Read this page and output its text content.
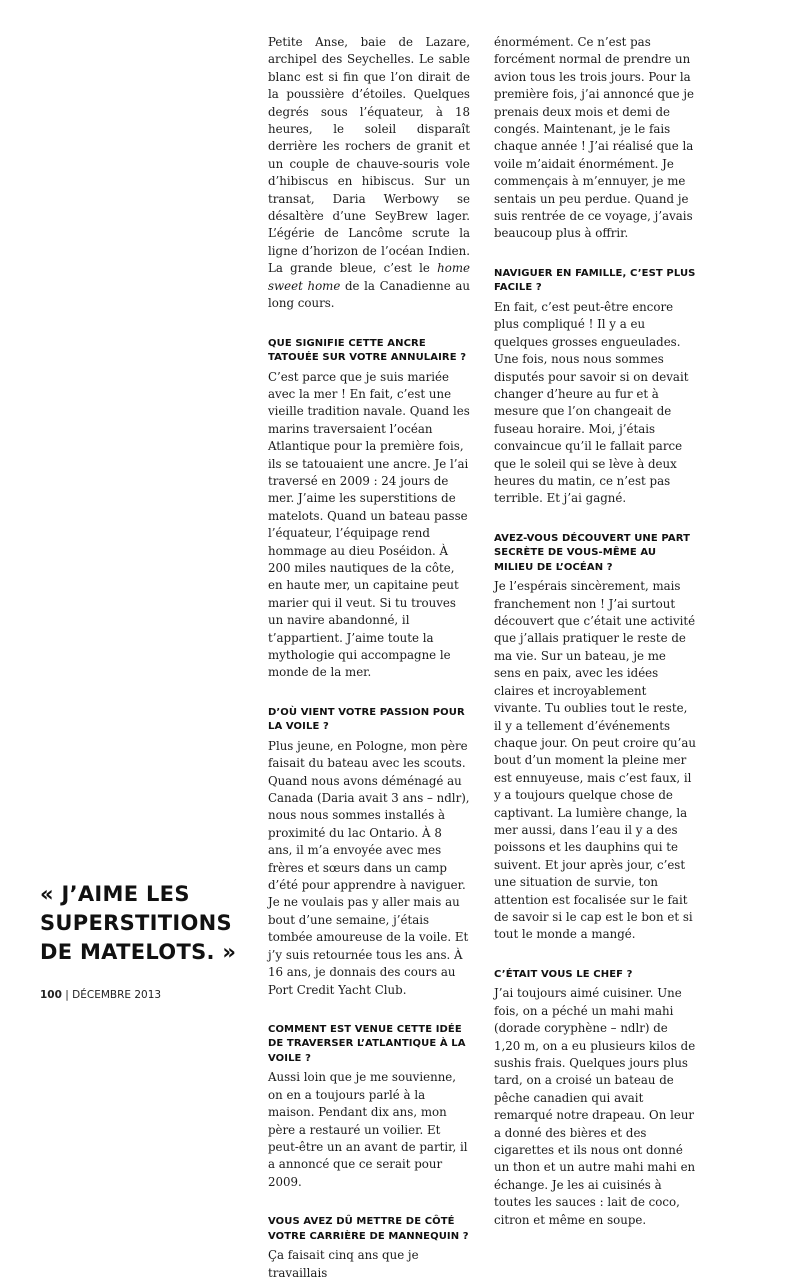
Petite Anse, baie de Lazare, archipel des Seychelles. Le sable blanc est si fin que l’on dirait de la poussière d’étoiles. Quelques degrés sous l’équateur, à 18 heures, le soleil disparaît derrière les rochers de granit et un couple de chauve-souris vole d’hibiscus en hibiscus. Sur un transat, Daria Werbowy se désaltère d’une SeyBrew lager. L’égérie de Lancôme scrute la ligne d’horizon de l’océan Indien. La grande bleue, c’est le home sweet home de la Canadienne au long cours.

QUE SIGNIFIE CETTE ANCRE TATOUÉE SUR VOTRE ANNULAIRE ?

C’est parce que je suis mariée avec la mer ! En fait, c’est une vieille tradition navale. Quand les marins traversaient l’océan Atlantique pour la première fois, ils se tatouaient une ancre. Je l’ai traversé en 2009 : 24 jours de mer. J’aime les superstitions de matelots. Quand un bateau passe l’équateur, l’équipage rend hommage au dieu Poséidon. À 200 miles nautiques de la côte, en haute mer, un capitaine peut marier qui il veut. Si tu trouves un navire abandonné, il t’appartient. J’aime toute la mythologie qui accompagne le monde de la mer.

D’OÙ VIENT VOTRE PASSION POUR LA VOILE ?

Plus jeune, en Pologne, mon père faisait du bateau avec les scouts. Quand nous avons déménagé au Canada (Daria avait 3 ans – ndlr), nous nous sommes installés à proximité du lac Ontario. À 8 ans, il m’a envoyée avec mes frères et sœurs dans un camp d’été pour apprendre à naviguer. Je ne voulais pas y aller mais au bout d’une semaine, j’étais tombée amoureuse de la voile. Et j’y suis retournée tous les ans. À 16 ans, je donnais des cours au Port Credit Yacht Club.

COMMENT EST VENUE CETTE IDÉE DE TRAVERSER L’ATLANTIQUE À LA VOILE ?

Aussi loin que je me souvienne, on en a toujours parlé à la maison. Pendant dix ans, mon père a restauré un voilier. Et peut-être un an avant de partir, il a annoncé que ce serait pour 2009.

VOUS AVEZ DÛ METTRE DE CÔTÉ VOTRE CARRIÈRE DE MANNEQUIN ?

Ça faisait cinq ans que je travaillais

énormément. Ce n’est pas forcément normal de prendre un avion tous les trois jours. Pour la première fois, j’ai annoncé que je prenais deux mois et demi de congés. Maintenant, je le fais chaque année ! J’ai réalisé que la voile m’aidait énormément. Je commençais à m’ennuyer, je me sentais un peu perdue. Quand je suis rentrée de ce voyage, j’avais beaucoup plus à offrir.

NAVIGUER EN FAMILLE, C’EST PLUS FACILE ?

En fait, c’est peut-être encore plus compliqué ! Il y a eu quelques grosses engueulades. Une fois, nous nous sommes disputés pour savoir si on devait changer d’heure au fur et à mesure que l’on changeait de fuseau horaire. Moi, j’étais convaincue qu’il le fallait parce que le soleil qui se lève à deux heures du matin, ce n’est pas terrible. Et j’ai gagné.

AVEZ-VOUS DÉCOUVERT UNE PART SECRÈTE DE VOUS-MÊME AU MILIEU DE L’OCÉAN ?

Je l’espérais sincèrement, mais franchement non ! J’ai surtout découvert que c’était une activité que j’allais pratiquer le reste de ma vie. Sur un bateau, je me sens en paix, avec les idées claires et incroyablement vivante. Tu oublies tout le reste, il y a tellement d’événements chaque jour. On peut croire qu’au bout d’un moment la pleine mer est ennuyeuse, mais c’est faux, il y a toujours quelque chose de captivant. La lumière change, la mer aussi, dans l’eau il y a des poissons et les dauphins qui te suivent. Et jour après jour, c’est une situation de survie, ton attention est focalisée sur le fait de savoir si le cap est le bon et si tout le monde a mangé.

C’ÉTAIT VOUS LE CHEF ?

J’ai toujours aimé cuisiner. Une fois, on a péché un mahi mahi (dorade coryphène – ndlr) de 1,20 m, on a eu plusieurs kilos de sushis frais. Quelques jours plus tard, on a croisé un bateau de pêche canadien qui avait remarqué notre drapeau. On leur a donné des bières et des cigarettes et ils nous ont donné un thon et un autre mahi mahi en échange. Je les ai cuisinés à toutes les sauces : lait de coco, citron et même en soupe.

« J’AIME LES SUPERSTITIONS DE MATELOTS. »
100 | DÉCEMBRE 2013
